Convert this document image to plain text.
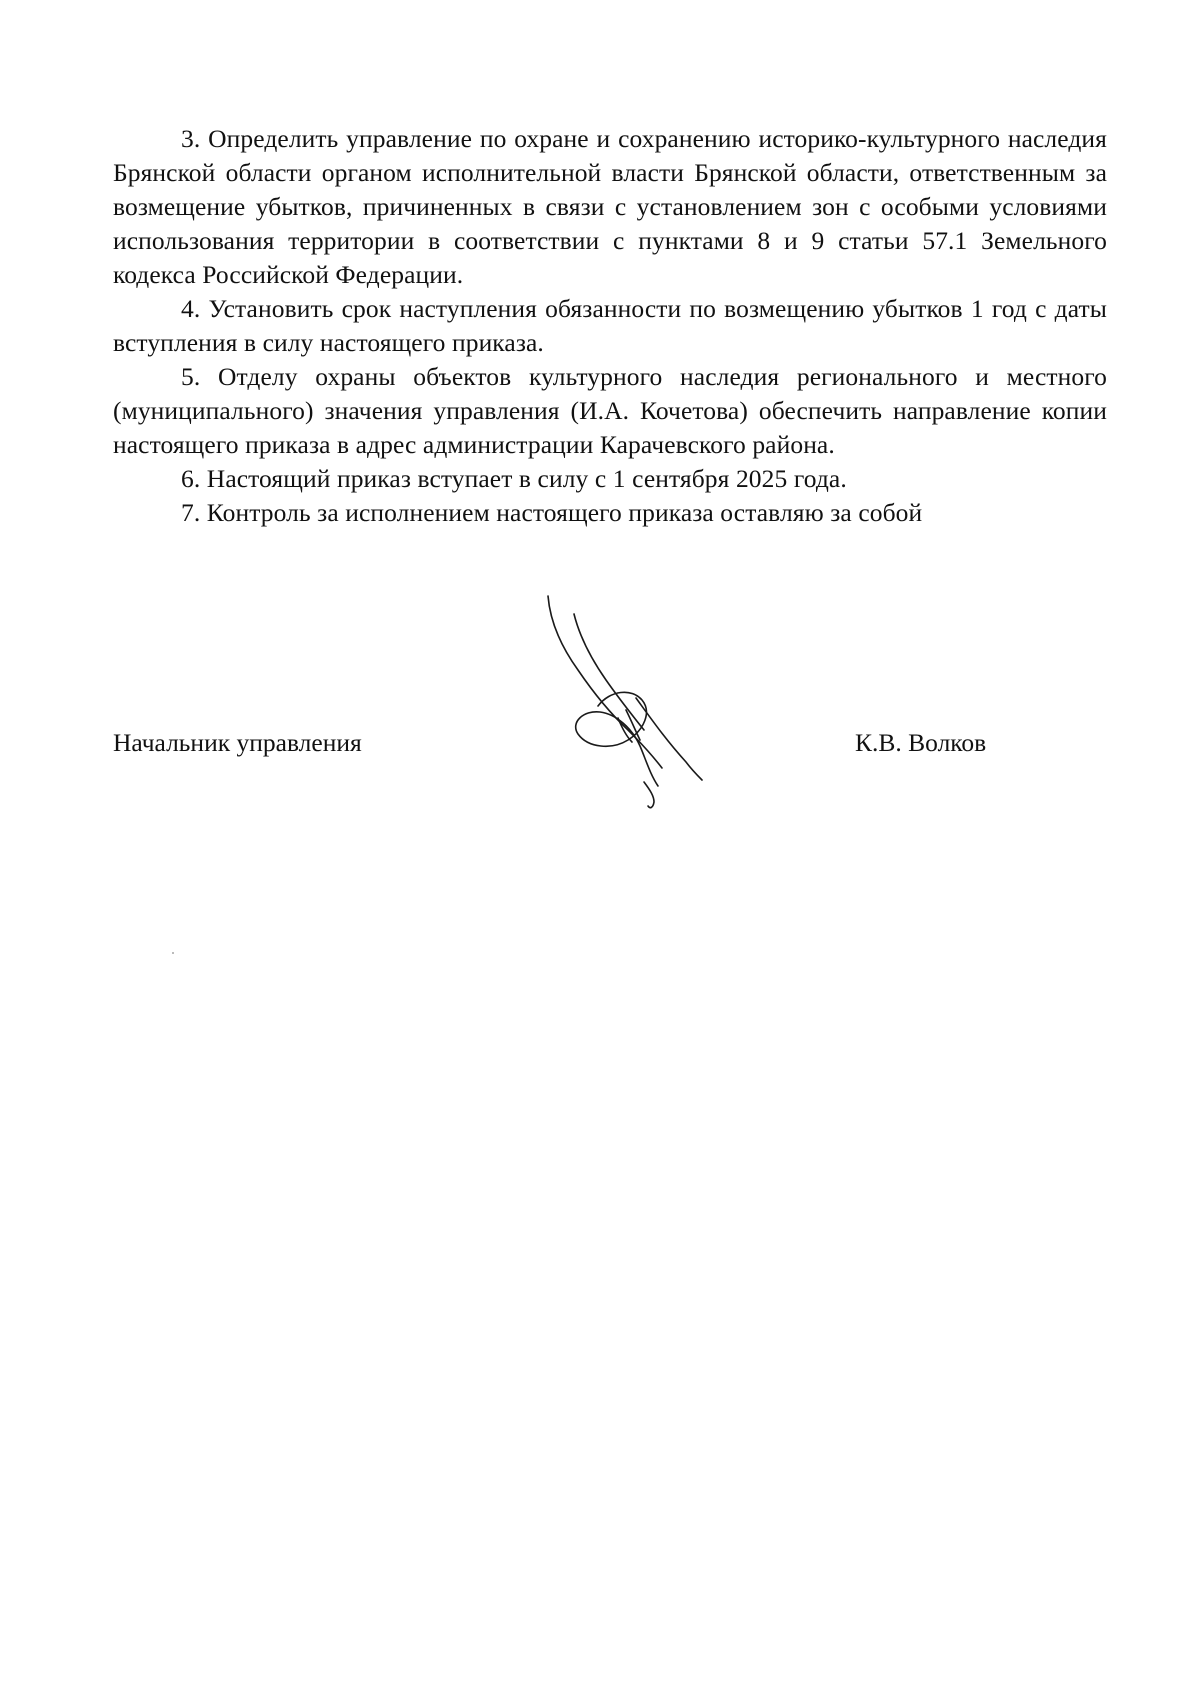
3. Определить управление по охране и сохранению историко-культурного наследия Брянской области органом исполнительной власти Брянской области, ответственным за возмещение убытков, причиненных в связи с установлением зон с особыми условиями использования территории в соответствии с пунктами 8 и 9 статьи 57.1 Земельного кодекса Российской Федерации.

4. Установить срок наступления обязанности по возмещению убытков 1 год с даты вступления в силу настоящего приказа.

5. Отделу охраны объектов культурного наследия регионального и местного (муниципального) значения управления (И.А. Кочетова) обеспечить направление копии настоящего приказа в адрес администрации Карачевского района.

6. Настоящий приказ вступает в силу с 1 сентября 2025 года.

7. Контроль за исполнением настоящего приказа оставляю за собой

Начальник управления	К.В. Волков
